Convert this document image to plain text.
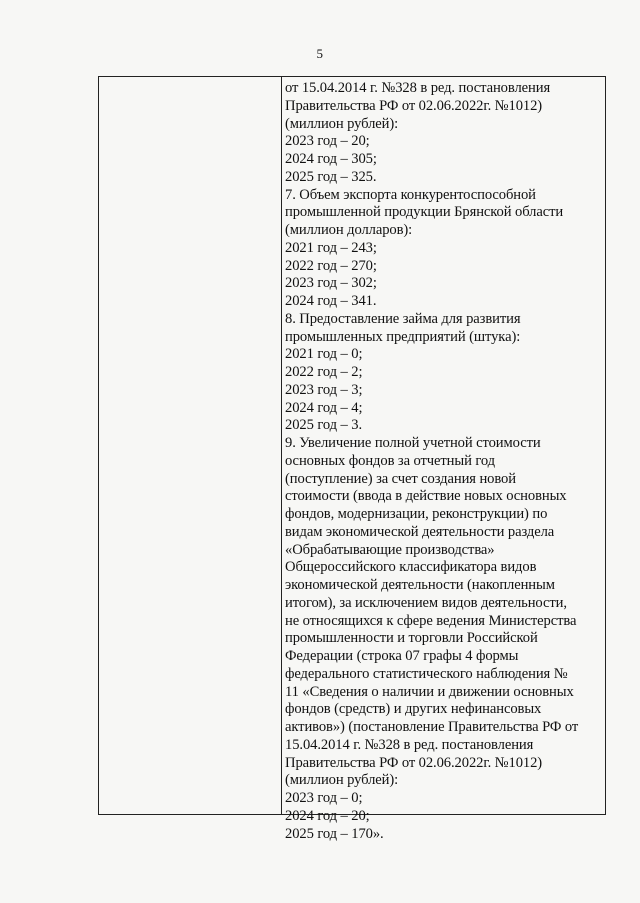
5
от 15.04.2014 г. №328 в ред. постановления
Правительства РФ от 02.06.2022г. №1012)
(миллион рублей):
2023 год – 20;
2024 год – 305;
2025 год – 325.
7. Объем экспорта конкурентоспособной
промышленной продукции Брянской области
(миллион долларов):
2021 год – 243;
2022 год – 270;
2023 год – 302;
2024 год – 341.
8. Предоставление займа для развития
промышленных предприятий (штука):
2021 год – 0;
2022 год – 2;
2023 год – 3;
2024 год – 4;
2025 год – 3.
9. Увеличение полной учетной стоимости
основных фондов за отчетный год
(поступление) за счет создания новой
стоимости (ввода в действие новых основных
фондов, модернизации, реконструкции) по
видам экономической деятельности раздела
«Обрабатывающие производства»
Общероссийского классификатора видов
экономической деятельности (накопленным
итогом), за исключением видов деятельности,
не относящихся к сфере ведения Министерства
промышленности и торговли Российской
Федерации (строка 07 графы 4 формы
федерального статистического наблюдения №
11 «Сведения о наличии и движении основных
фондов (средств) и других нефинансовых
активов») (постановление Правительства РФ от
15.04.2014 г. №328 в ред. постановления
Правительства РФ от 02.06.2022г. №1012)
(миллион рублей):
2023 год – 0;
2024 год – 20;
2025 год – 170».
